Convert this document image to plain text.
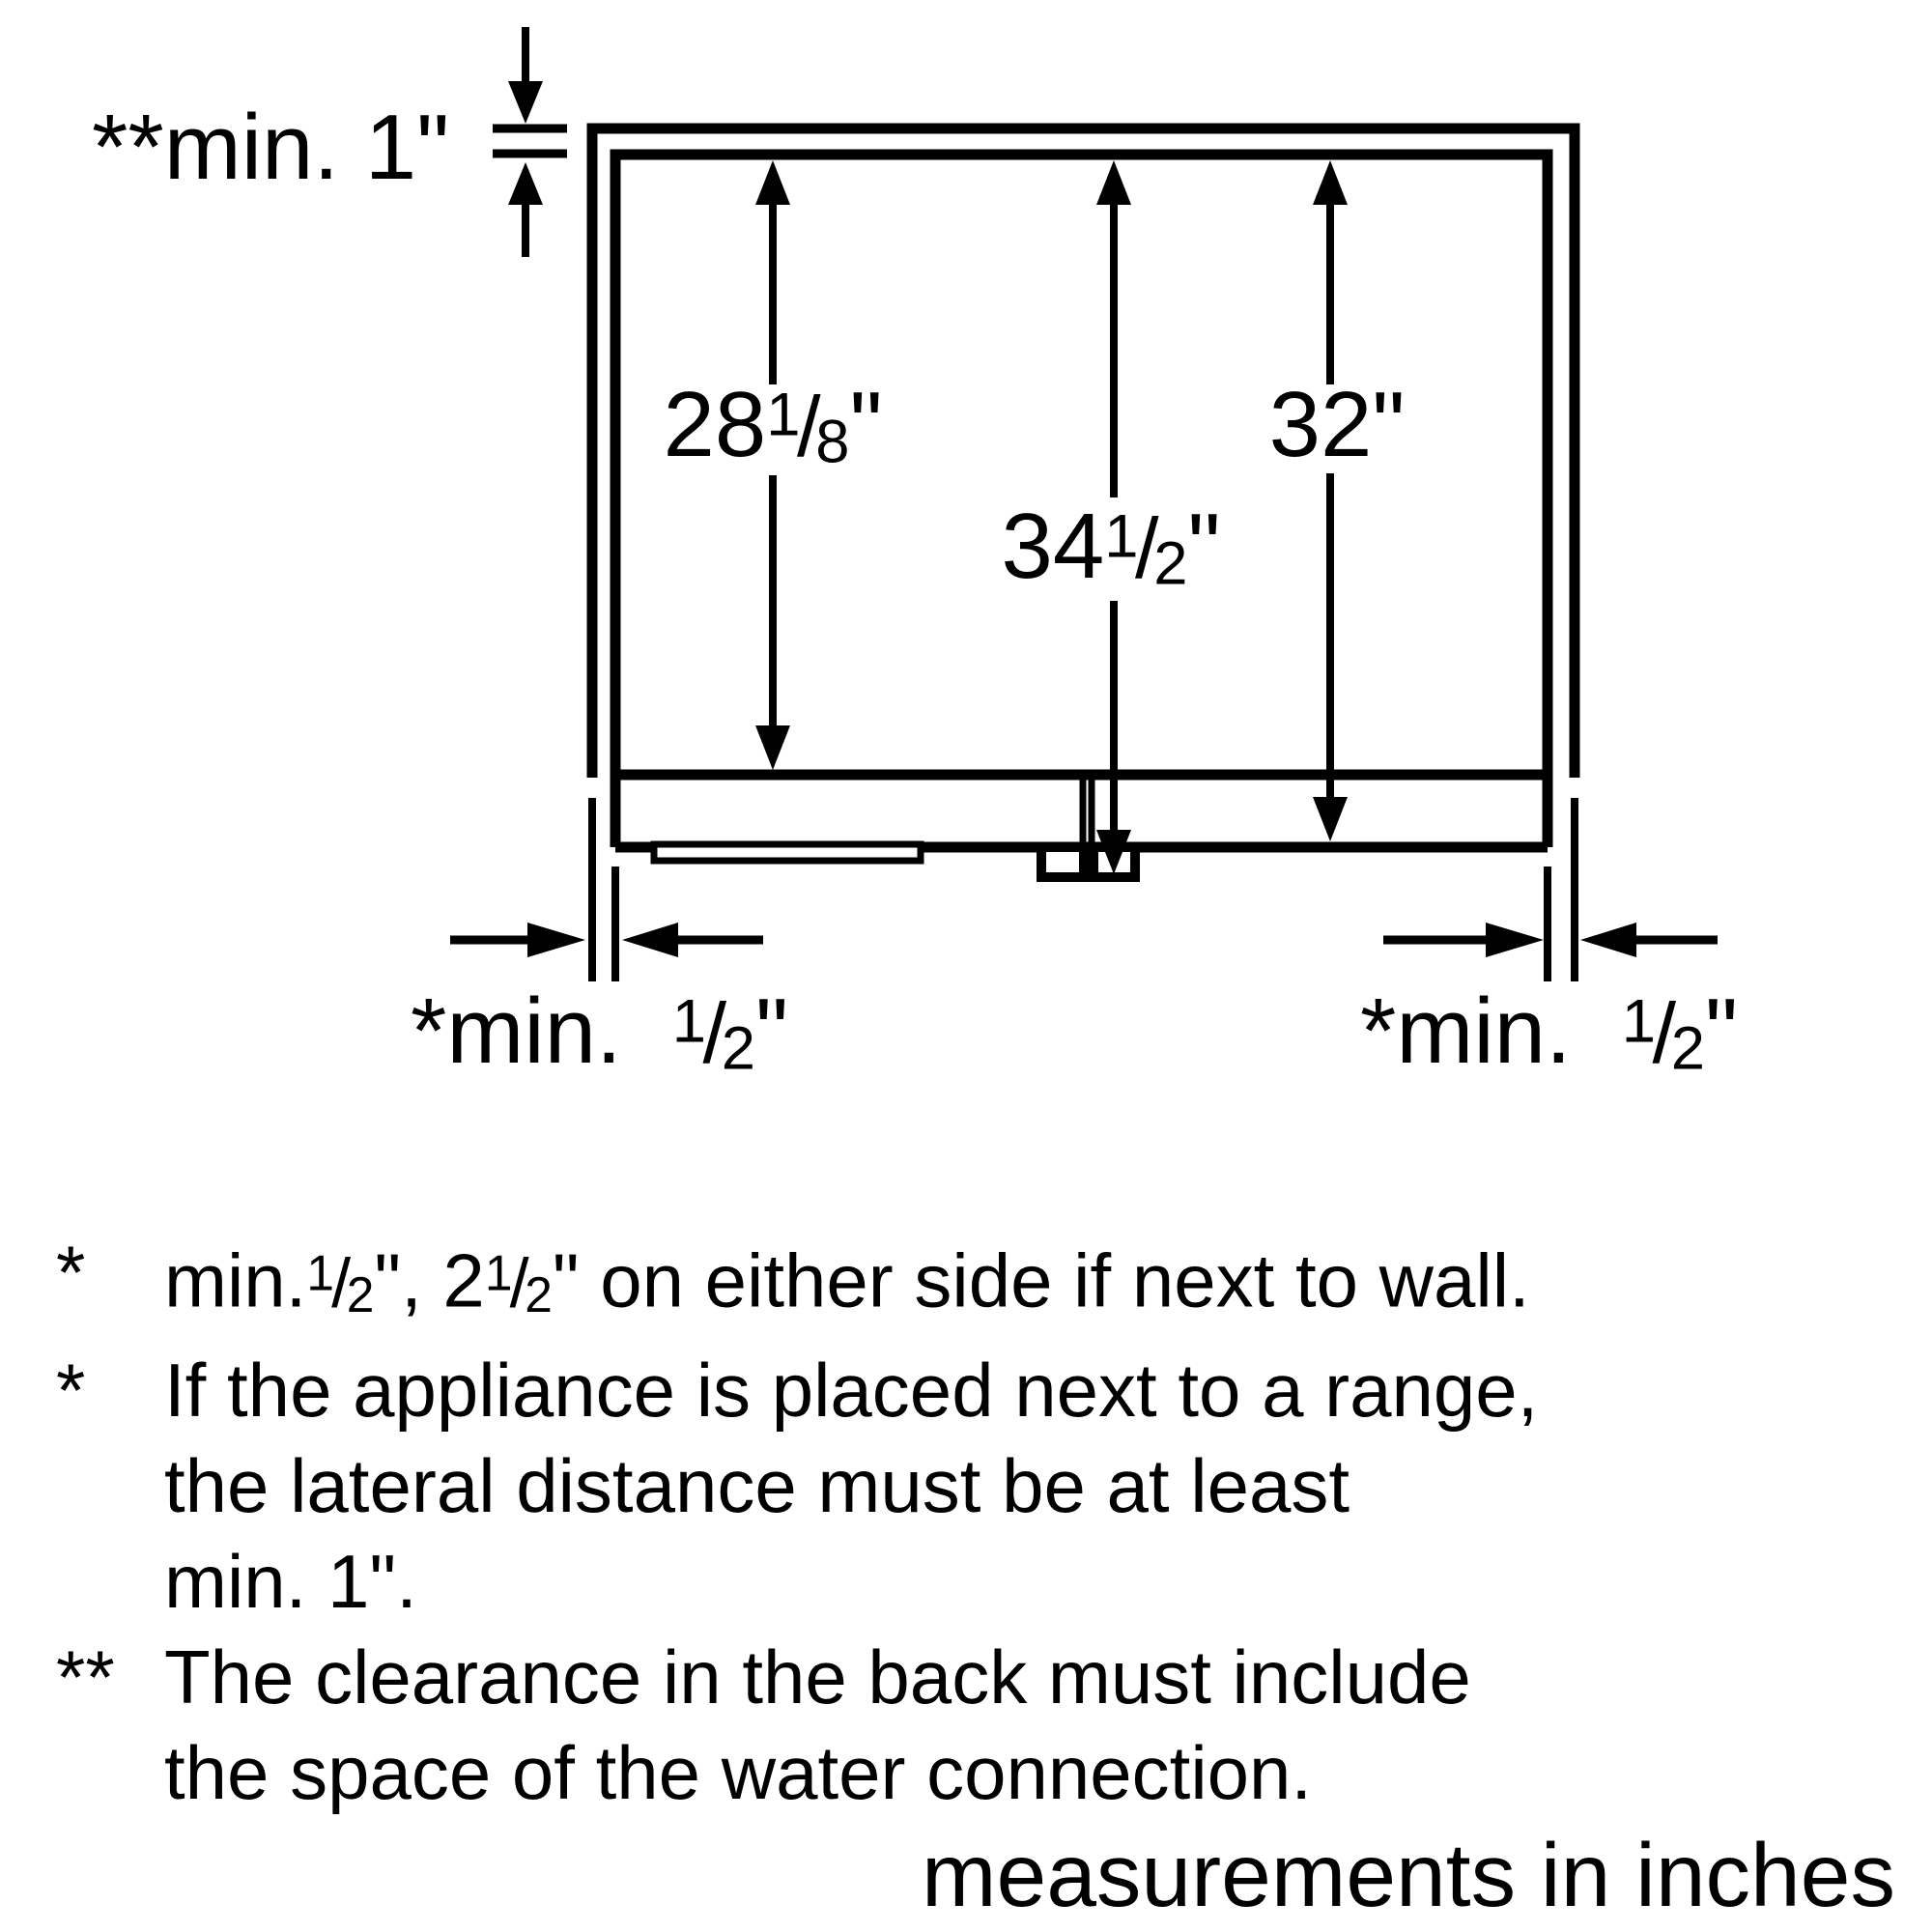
**min. 1"
$28^1/_8$"
$34^1/_2$"
32"
*min. $^1/_2$"	*min. $^1/_2$"
*	$\min.^1/_2$", $2^1/_2$" on either side if next to wall.
*	If the appliance is placed next to a range,
the lateral distance must be at least
min. 1".
** The clearance in the back must include
the space of the water connection.
measurements in inches
